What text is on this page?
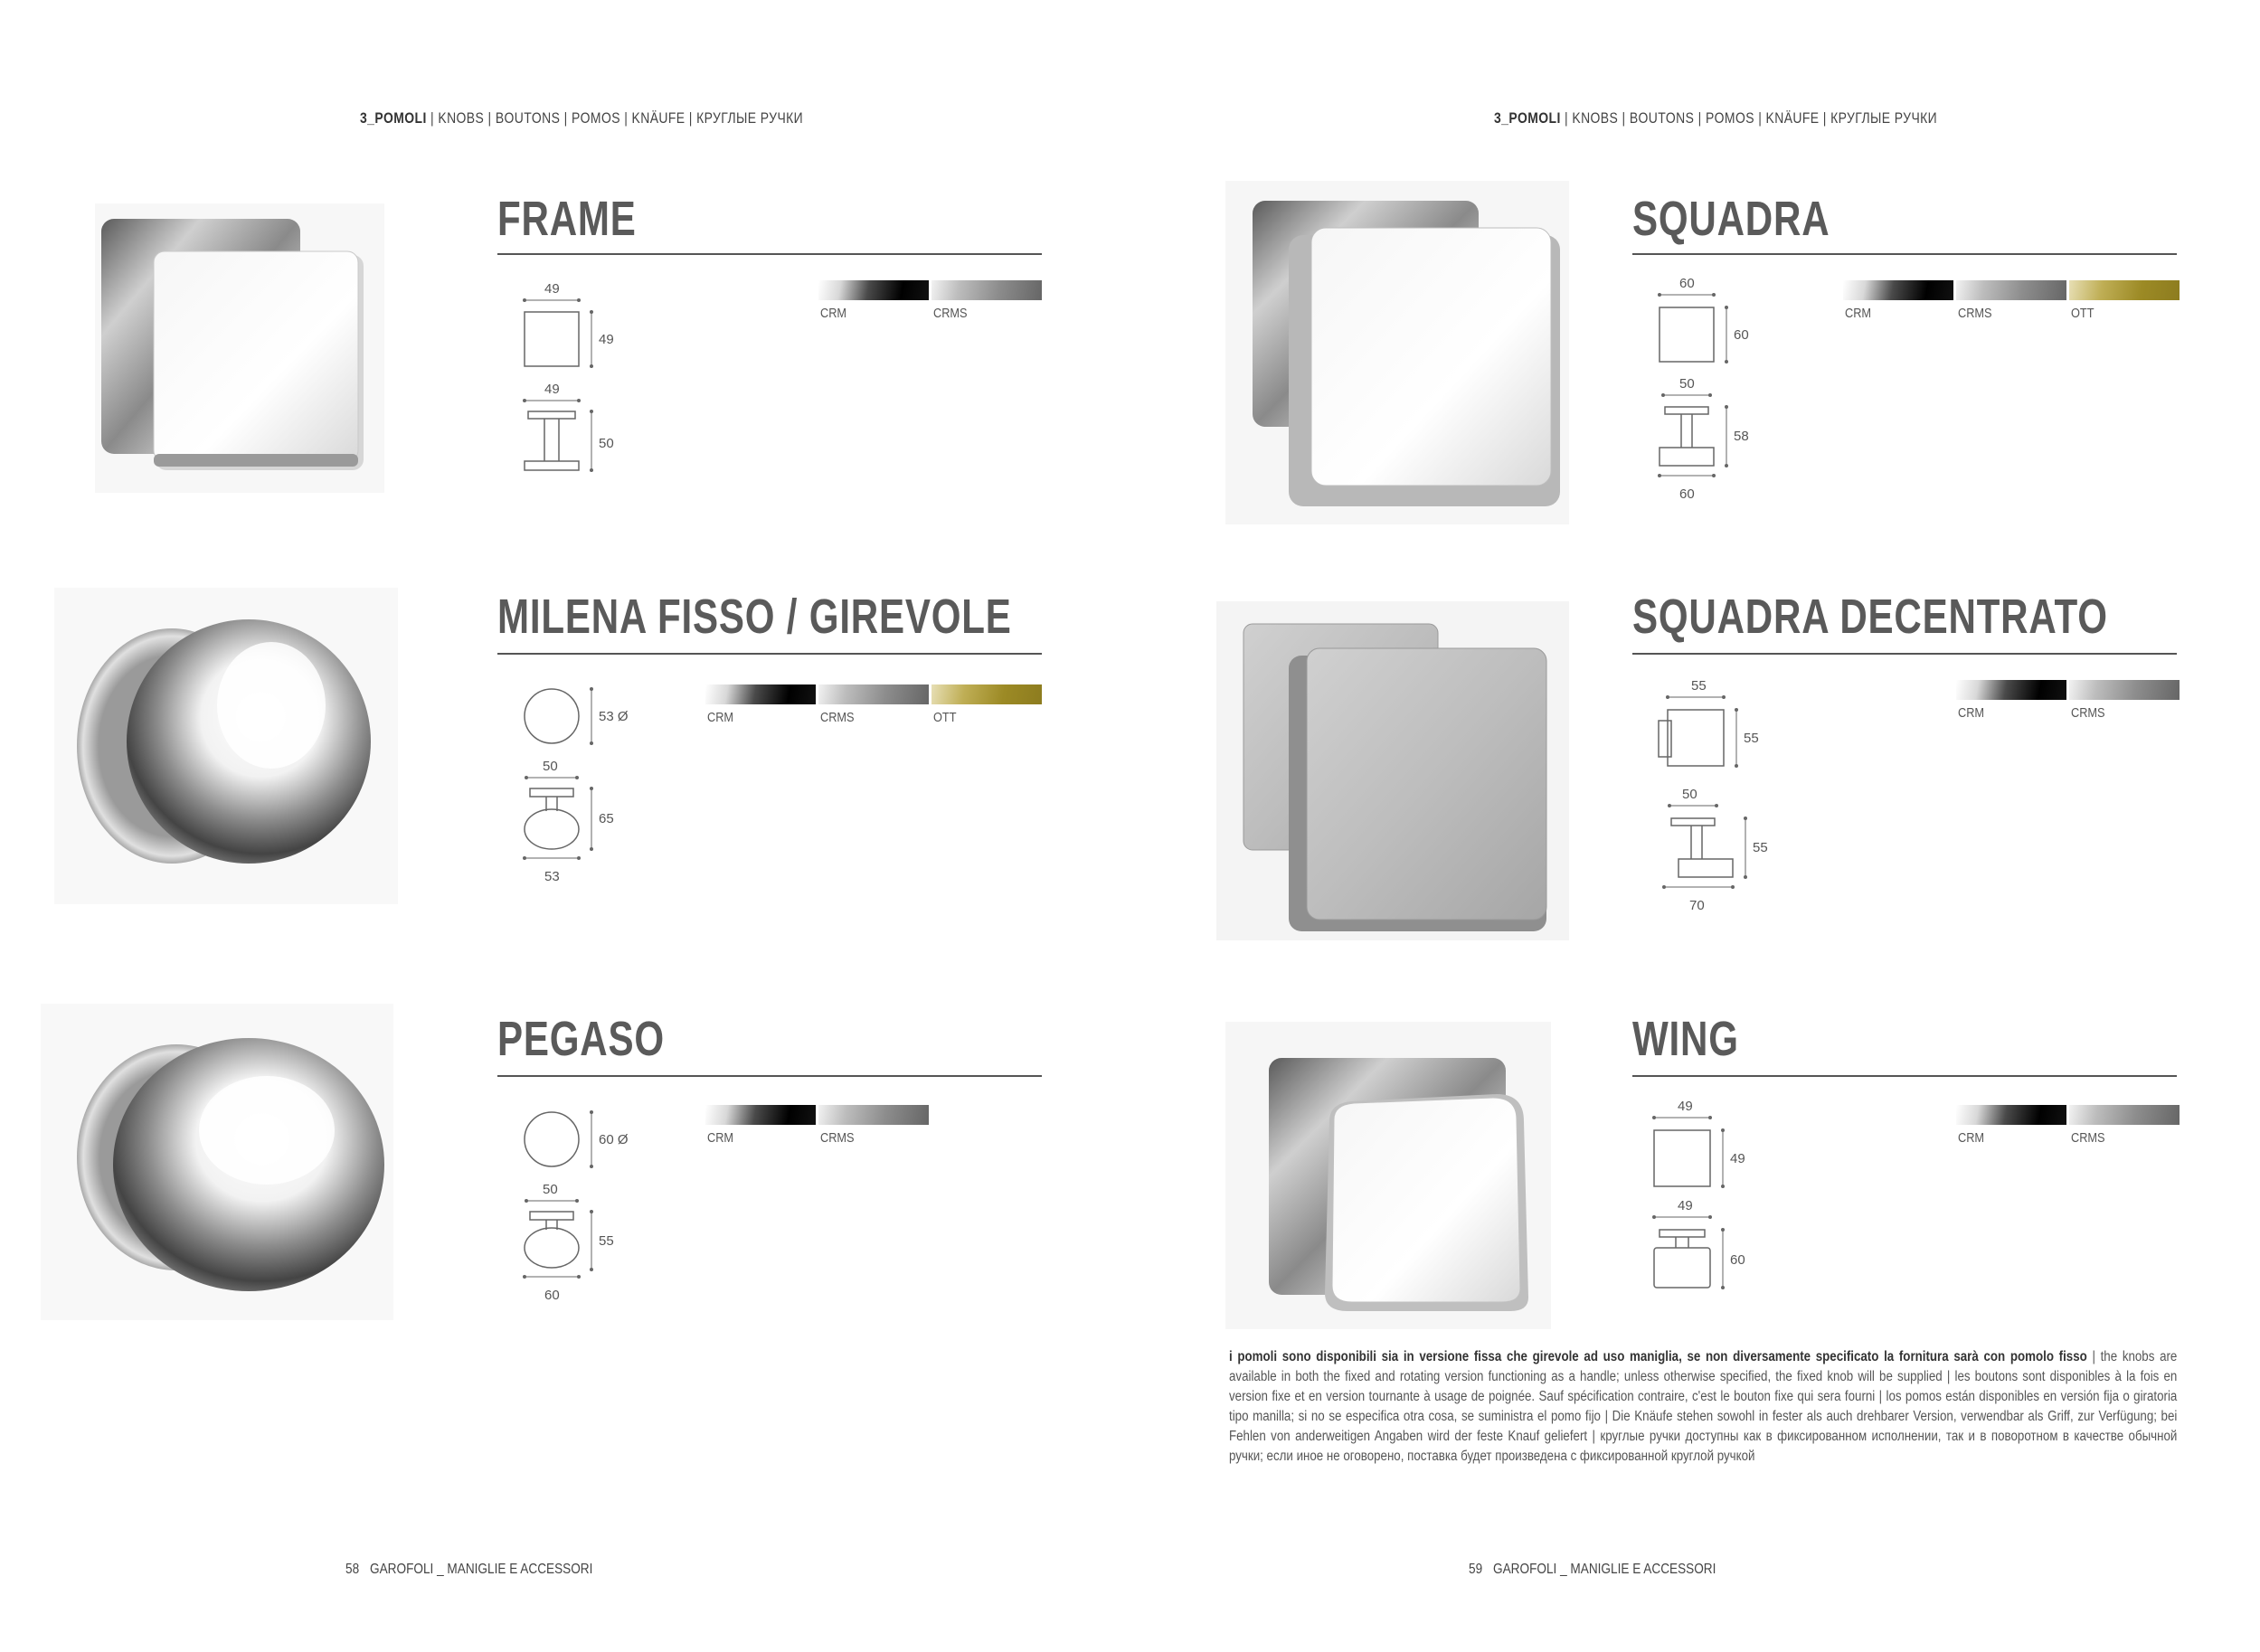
3_POMOLI | KNOBS | BOUTONS | POMOS | KNÄUFE | КРУГЛЫЕ РУЧКИ	3_POMOLI | KNOBS | BOUTONS | POMOS | KNÄUFE | КРУГЛЫЕ РУЧКИ
FRAME
49
49
49
50
CRM	CRMS
MILENA FISSO / GIREVOLE
53 Ø
50
65
53
CRM	CRMS	OTT
PEGASO
60 Ø
50
55
60
CRM	CRMS
SQUADRA
60
60
50
58
60
CRM	CRMS	OTT
SQUADRA DECENTRATO
55
55
50
55
70
CRM	CRMS
WING
49
49
49
60
CRM	CRMS
i pomoli sono disponibili sia in versione fissa che girevole ad uso maniglia, se non diversamente specificato la fornitura sarà con pomolo fisso | the knobs are available in both the fixed and rotating version functioning as a handle; unless otherwise specified, the fixed knob will be supplied | les boutons sont disponibles à la fois en version fixe et en version tournante à usage de poignée. Sauf spécification contraire, c'est le bouton fixe qui sera fourni | los pomos están disponibles en versión fija o giratoria tipo manilla; si no se especifica otra cosa, se suministra el pomo fijo | Die Knäufe stehen sowohl in fester als auch drehbarer Version, verwendbar als Griff, zur Verfügung; bei Fehlen von anderweitigen Angaben wird der feste Knauf geliefert | круглые ручки доступны как в фиксированном исполнении, так и в поворотном в качестве обычной ручки; если иное не оговорено, поставка будет произведена с фиксированной круглой ручкой
58 GAROFOLI _ MANIGLIE E ACCESSORI	59 GAROFOLI _ MANIGLIE E ACCESSORI
